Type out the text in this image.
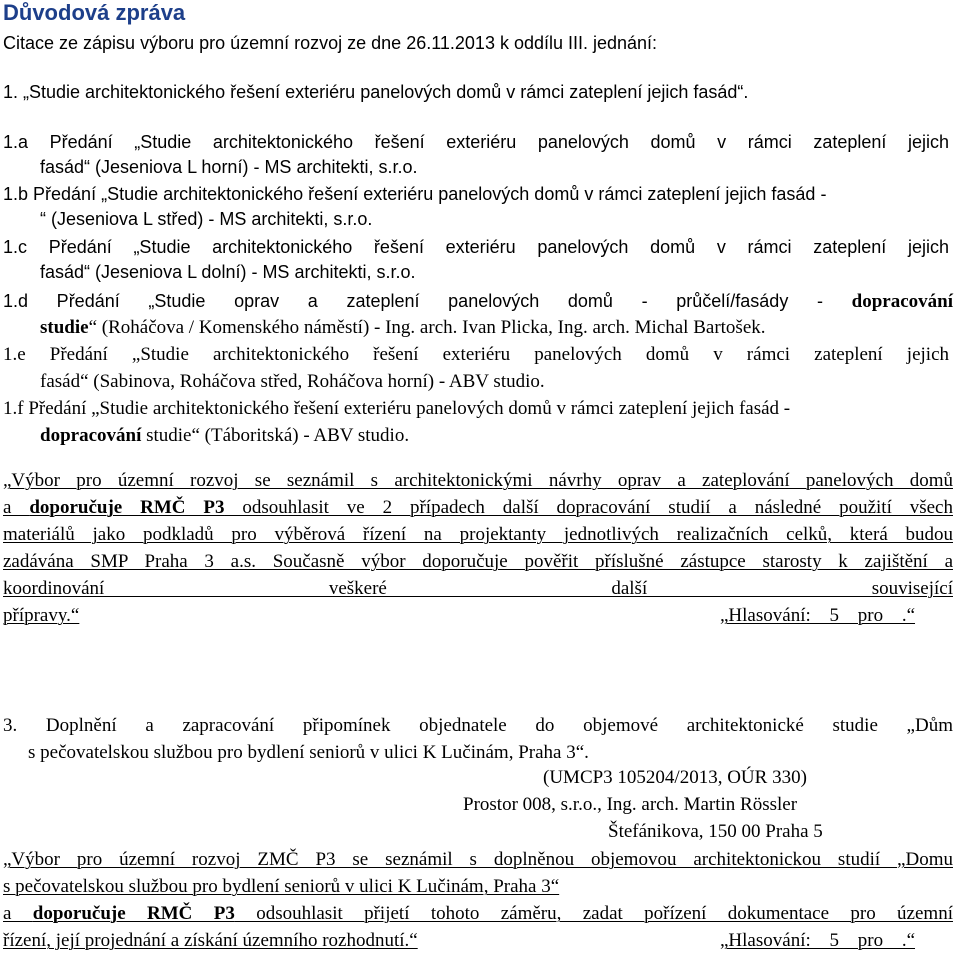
Důvodová zpráva
Citace ze zápisu výboru pro územní rozvoj ze dne 26.11.2013 k oddílu III. jednání:
1. „Studie architektonického řešení exteriéru panelových domů v rámci zateplení jejich fasád“.
1.a Předání „Studie architektonického řešení exteriéru panelových domů v rámci zateplení jejich
fasád“ (Jeseniova L horní) - MS architekti, s.r.o.
1.b Předání „Studie architektonického řešení exteriéru panelových domů v rámci zateplení jejich fasád -
“ (Jeseniova L střed) - MS architekti, s.r.o.
1.c Předání „Studie architektonického řešení exteriéru panelových domů v rámci zateplení jejich
fasád“ (Jeseniova L dolní) - MS architekti, s.r.o.
1.d Předání „Studie oprav a zateplení panelových domů - průčelí/fasády - dopracování
studie“ (Roháčova / Komenského náměstí) - Ing. arch. Ivan Plicka, Ing. arch. Michal Bartošek.
1.e Předání „Studie architektonického řešení exteriéru panelových domů v rámci zateplení jejich
fasád“ (Sabinova, Roháčova střed, Roháčova horní) - ABV studio.
1.f Předání „Studie architektonického řešení exteriéru panelových domů v rámci zateplení jejich fasád -
dopracování studie“ (Táboritská) - ABV studio.
„Výbor pro územní rozvoj se seznámil s architektonickými návrhy oprav a zateplování panelových domů
a doporučuje RMČ P3 odsouhlasit ve 2 případech další dopracování studií a následné použití všech
materiálů jako podkladů pro výběrová řízení na projektanty jednotlivých realizačních celků, která budou
zadávána SMP Praha 3 a.s. Současně výbor doporučuje pověřit příslušné zástupce starosty k zajištění a
koordinování veškeré další související
přípravy.“	„Hlasování: 5 pro .“
3. Doplnění a zapracování připomínek objednatele do objemové architektonické studie „Dům
s pečovatelskou službou pro bydlení seniorů v ulici K Lučinám, Praha 3“.
(UMCP3 105204/2013, OÚR 330)
Prostor 008, s.r.o., Ing. arch. Martin Rössler
Štefánikova, 150 00 Praha 5
„Výbor pro územní rozvoj ZMČ P3 se seznámil s doplněnou objemovou architektonickou studií „Domu
s pečovatelskou službou pro bydlení seniorů v ulici K Lučinám, Praha 3“
a doporučuje RMČ P3 odsouhlasit přijetí tohoto záměru, zadat pořízení dokumentace pro územní
řízení, její projednání a získání územního rozhodnutí.“	„Hlasování: 5 pro .“
